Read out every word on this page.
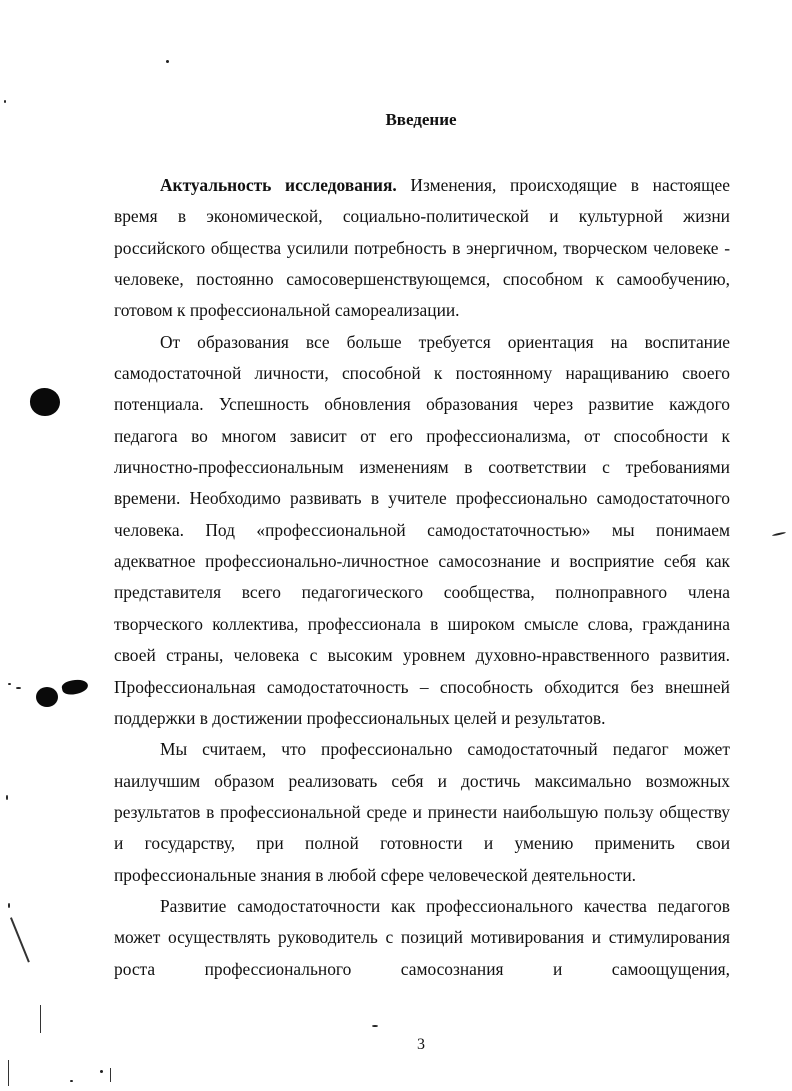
Введение

Актуальность исследования. Изменения, происходящие в настоящее время в экономической, социально-политической и культурной жизни российского общества усилили потребность в энергичном, творческом человеке - человеке, постоянно самосовершенствующемся, способном к самообучению, готовом к профессиональной самореализации.

От образования все больше требуется ориентация на воспитание самодостаточной личности, способной к постоянному наращиванию своего потенциала. Успешность обновления образования через развитие каждого педагога во многом зависит от его профессионализма, от способности к личностно-профессиональным изменениям в соответствии с требованиями времени. Необходимо развивать в учителе профессионально самодостаточного человека. Под «профессиональной самодостаточностью» мы понимаем адекватное профессионально-личностное самосознание и восприятие себя как представителя всего педагогического сообщества, полноправного члена творческого коллектива, профессионала в широком смысле слова, гражданина своей страны, человека с высоким уровнем духовно-нравственного развития. Профессиональная самодостаточность – способность обходится без внешней поддержки в достижении профессиональных целей и результатов.

Мы считаем, что профессионально самодостаточный педагог может наилучшим образом реализовать себя и достичь максимально возможных результатов в профессиональной среде и принести наибольшую пользу обществу и государству, при полной готовности и умению применить свои профессиональные знания в любой сфере человеческой деятельности.

Развитие самодостаточности как профессионального качества педагогов может осуществлять руководитель с позиций мотивирования и стимулирования роста профессионального самосознания и самоощущения,

3
